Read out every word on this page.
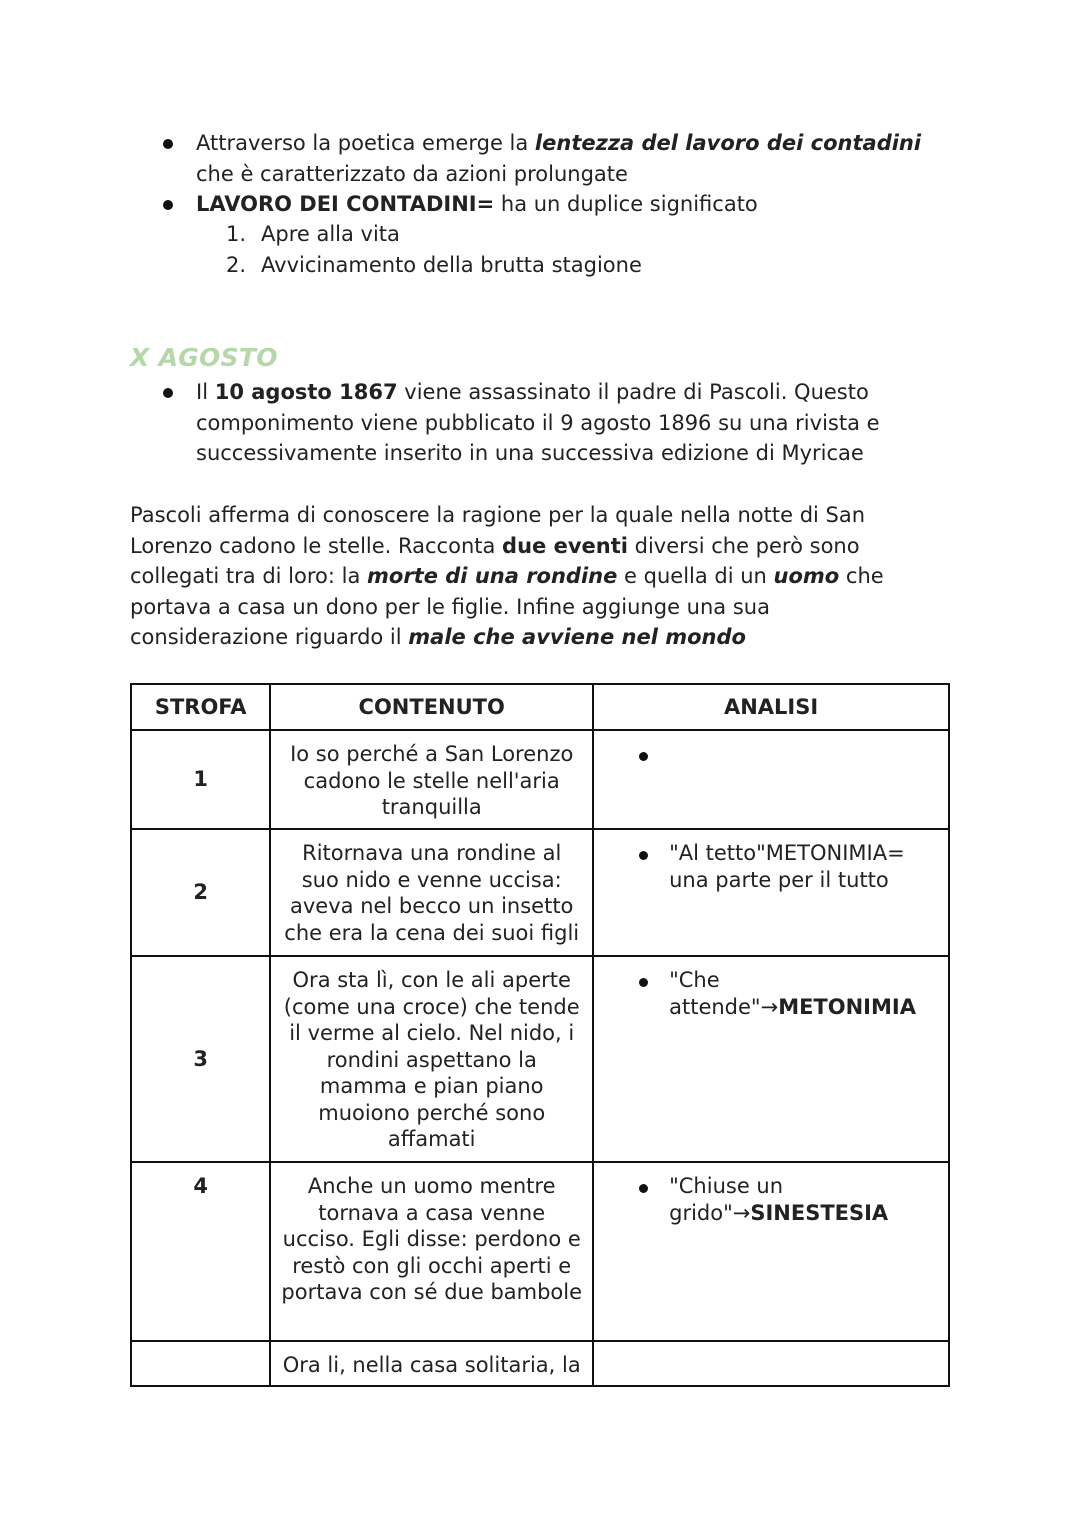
Attraverso la poetica emerge la lentezza del lavoro dei contadini
che è caratterizzato da azioni prolungate
LAVORO DEI CONTADINI= ha un duplice significato
1. Apre alla vita
2. Avvicinamento della brutta stagione
X AGOSTO
Il 10 agosto 1867 viene assassinato il padre di Pascoli. Questo
componimento viene pubblicato il 9 agosto 1896 su una rivista e
successivamente inserito in una successiva edizione di Myricae

Pascoli afferma di conoscere la ragione per la quale nella notte di San

Lorenzo cadono le stelle. Racconta due eventi diversi che però sono

collegati tra di loro: la morte di una rondine e quella di un uomo che

portava a casa un dono per le figlie. Infine aggiunge una sua

considerazione riguardo il male che avviene nel mondo

STROFA	CONTENUTO	ANALISI
1	Io so perché a San Lorenzo cadono le stelle nell'aria tranquilla	

2	Ritornava una rondine al suo nido e venne uccisa: aveva nel becco un insetto che era la cena dei suoi figli	"Al tetto"METONIMIA= una parte per il tutto
3	Ora sta lì, con le ali aperte (come una croce) che tende il verme al cielo. Nel nido, i rondini aspettano la mamma e pian piano muoiono perché sono affamati	"Che attende"→METONIMIA
4	Anche un uomo mentre tornava a casa venne ucciso. Egli disse: perdono e restò con gli occhi aperti e portava con sé due bambole	"Chiuse un grido"→SINESTESIA
	Ora li, nella casa solitaria, la	
